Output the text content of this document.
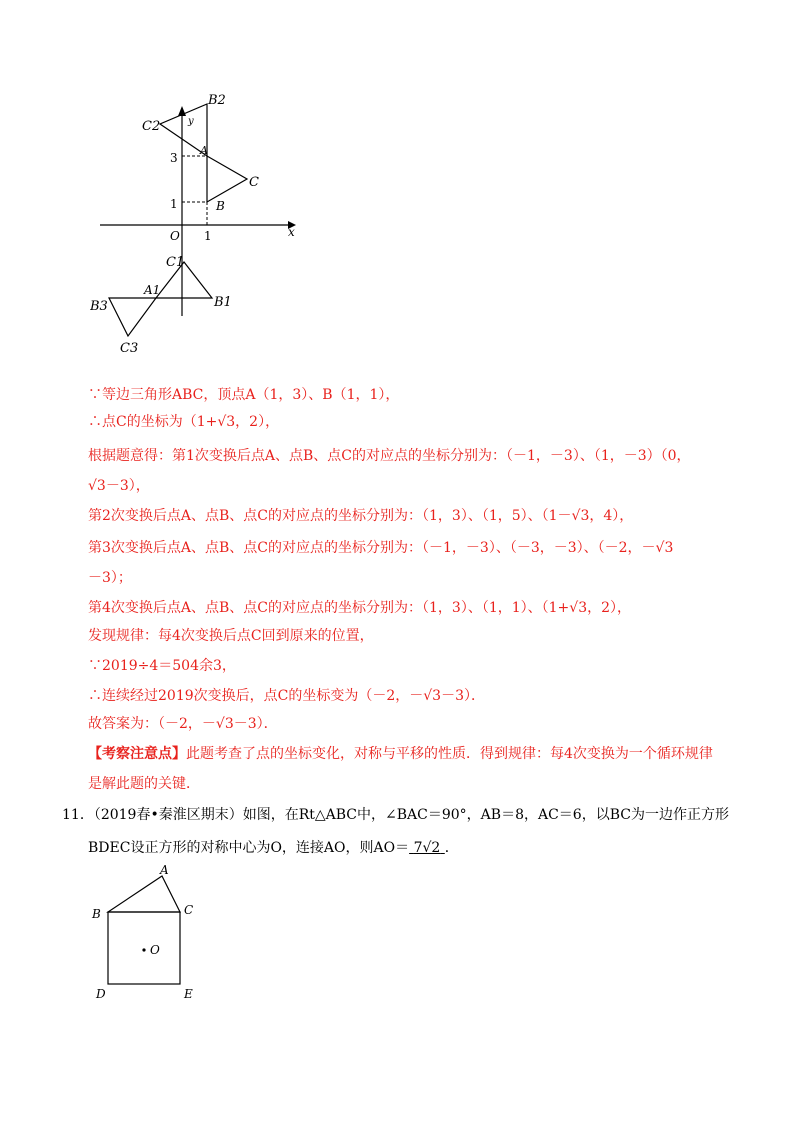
B2
C2	y
A
C
B
O	x
3
1
1
C1
A1
B1
B3
C3
∵等边三角形ABC，顶点A（1，3）、B（1，1），
∴点C的坐标为（1+√3，2），
根据题意得：第1次变换后点A、点B、点C的对应点的坐标分别为：（－1，－3）、（1，－3）（0，
√3－3），
第2次变换后点A、点B、点C的对应点的坐标分别为：（1，3）、（1，5）、（1－√3，4），
第3次变换后点A、点B、点C的对应点的坐标分别为：（－1，－3）、（－3，－3）、（－2，－√3
－3）；
第4次变换后点A、点B、点C的对应点的坐标分别为：（1，3）、（1，1）、（1+√3，2），
发现规律：每4次变换后点C回到原来的位置，
∵2019÷4＝504余3，
∴连续经过2019次变换后，点C的坐标变为（－2，－√3－3）．
故答案为：（－2，－√3－3）．
【考察注意点】此题考查了点的坐标变化，对称与平移的性质．得到规律：每4次变换为一个循环规律
是解此题的关键．
11．（2019春•秦淮区期末）如图，在Rt△ABC中，∠BAC＝90°，AB＝8，AC＝6，以BC为一边作正方形
BDEC设正方形的对称中心为O，连接AO，则AO＝ 7√2 ．
A
B	C
O
D	E
